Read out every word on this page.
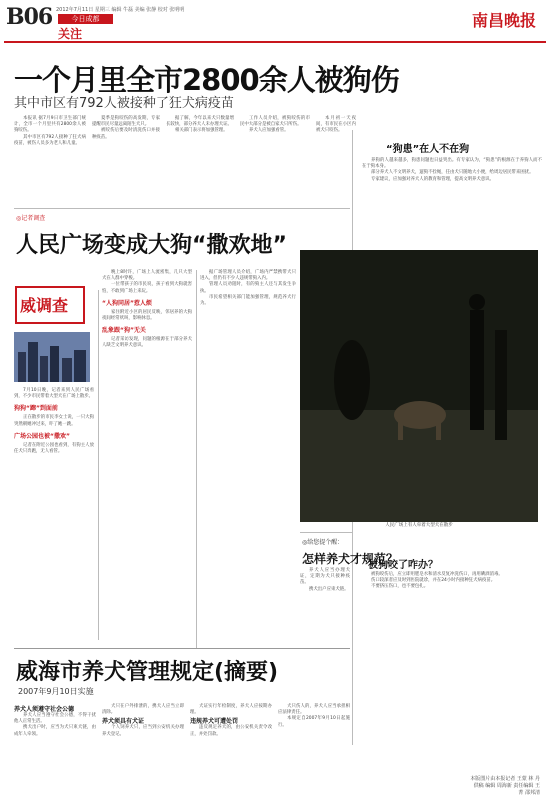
B06 2012年7月11日 星期三 编辑 牛磊 美编 张静 校对 张明明
今日成都
关注
南昌晚报
一个月里全市2800余人被狗伤
其中市区有792人被接种了狂犬病疫苗

本报讯 据7月9日市卫生部门统计，全市一个月里共有2800余人被狗咬伤。

其中市区有792人接种了狂犬病疫苗，被伤人员多为老人和儿童。

夏季是狗咬伤的高发期，专家提醒市民尽量远离陌生犬只。

被咬伤后要及时清洗伤口并接种疫苗。

据了解，今年以来犬只数量增长较快，部分养犬人未办理犬证。

相关部门表示将加强管理。

工作人员介绍，被狗咬伤的市民中大部分是被自家犬只所伤。

养犬人应加强看管。

本月初一天夜间，有市民在小区内被犬只咬伤。

“狗患”在人不在狗

养狗的人越来越多，狗患问题也日益突出。有专家认为，“狗患”的根源在于养狗人而不在于狗本身。

部分养犬人不文明养犬，遛狗不拴绳，任由犬只随地大小便，给周边居民带来困扰。

专家建议，应加强对养犬人的教育和管理，提高文明养犬意识。

被狗咬了咋办？

被狗咬伤后，应立即用肥皂水和清水反复冲洗伤口，再用碘酒消毒。

伤口较深者应及时到医院就诊，并在24小时内接种狂犬病疫苗。

不要挤压伤口，也不要包扎。

本版图片由本报记者 王蒙 林 丹 供稿 编辑 周海新 责任编辑 王菁 邵邦清
◎记者调查
人民广场变成大狗“撒欢地”
威调查

7月10日晚，记者来到人民广场看到，不少市民带着大型犬在广场上散步。

狗狗“蹿”到面前

正在散步的市民李女士说，一只大狗突然朝她冲过来，吓了她一跳。

广场公园也被“撒欢”

记者在附近公园也看到，有狗主人放任犬只奔跑，无人看管。

晚上8时许，广场上人流密集，几只大型犬在人群中穿梭。

一位带孩子的市民说，孩子看到大狗就害怕，不敢到广场上来玩。

“人狗同居”惹人烦

家住附近小区的居民反映，邻居养的大狗夜间经常吠叫，影响休息。

乱象跟“狗”无关

记者采访发现，问题的根源在于部分养犬人缺乏文明养犬意识。

据广场管理人员介绍，广场内严禁携带犬只进入，但仍有不少人违规带狗入内。

管理人员劝阻时，有的狗主人还与其发生争执。

市民希望相关部门能加强管理，规范养犬行为。

人民广场上有人牵着大型犬在散步
◎给您提个醒：
怎样养犬才规范？

养犬人应当办理犬证，定期为犬只接种疫苗。

携犬出户应束犬链。

威海市养犬管理规定(摘要)
2007年9月10日实施
养犬人须遵守社会公德

养犬人应当遵守社会公德，不得干扰他人正常生活。

携犬出户时，应当为犬只束犬链，由成年人牵领。

犬只在户外排泄的，携犬人应当立即清除。

养犬须具有犬证

个人饲养犬只，应当到公安机关办理养犬登记。

犬证实行年检制度，养犬人应按期办理。

违规养犬可遭处罚

违反规定养犬的，由公安机关责令改正，并处罚款。

犬只伤人的，养犬人应当承担相应法律责任。

本规定自2007年9月10日起施行。
